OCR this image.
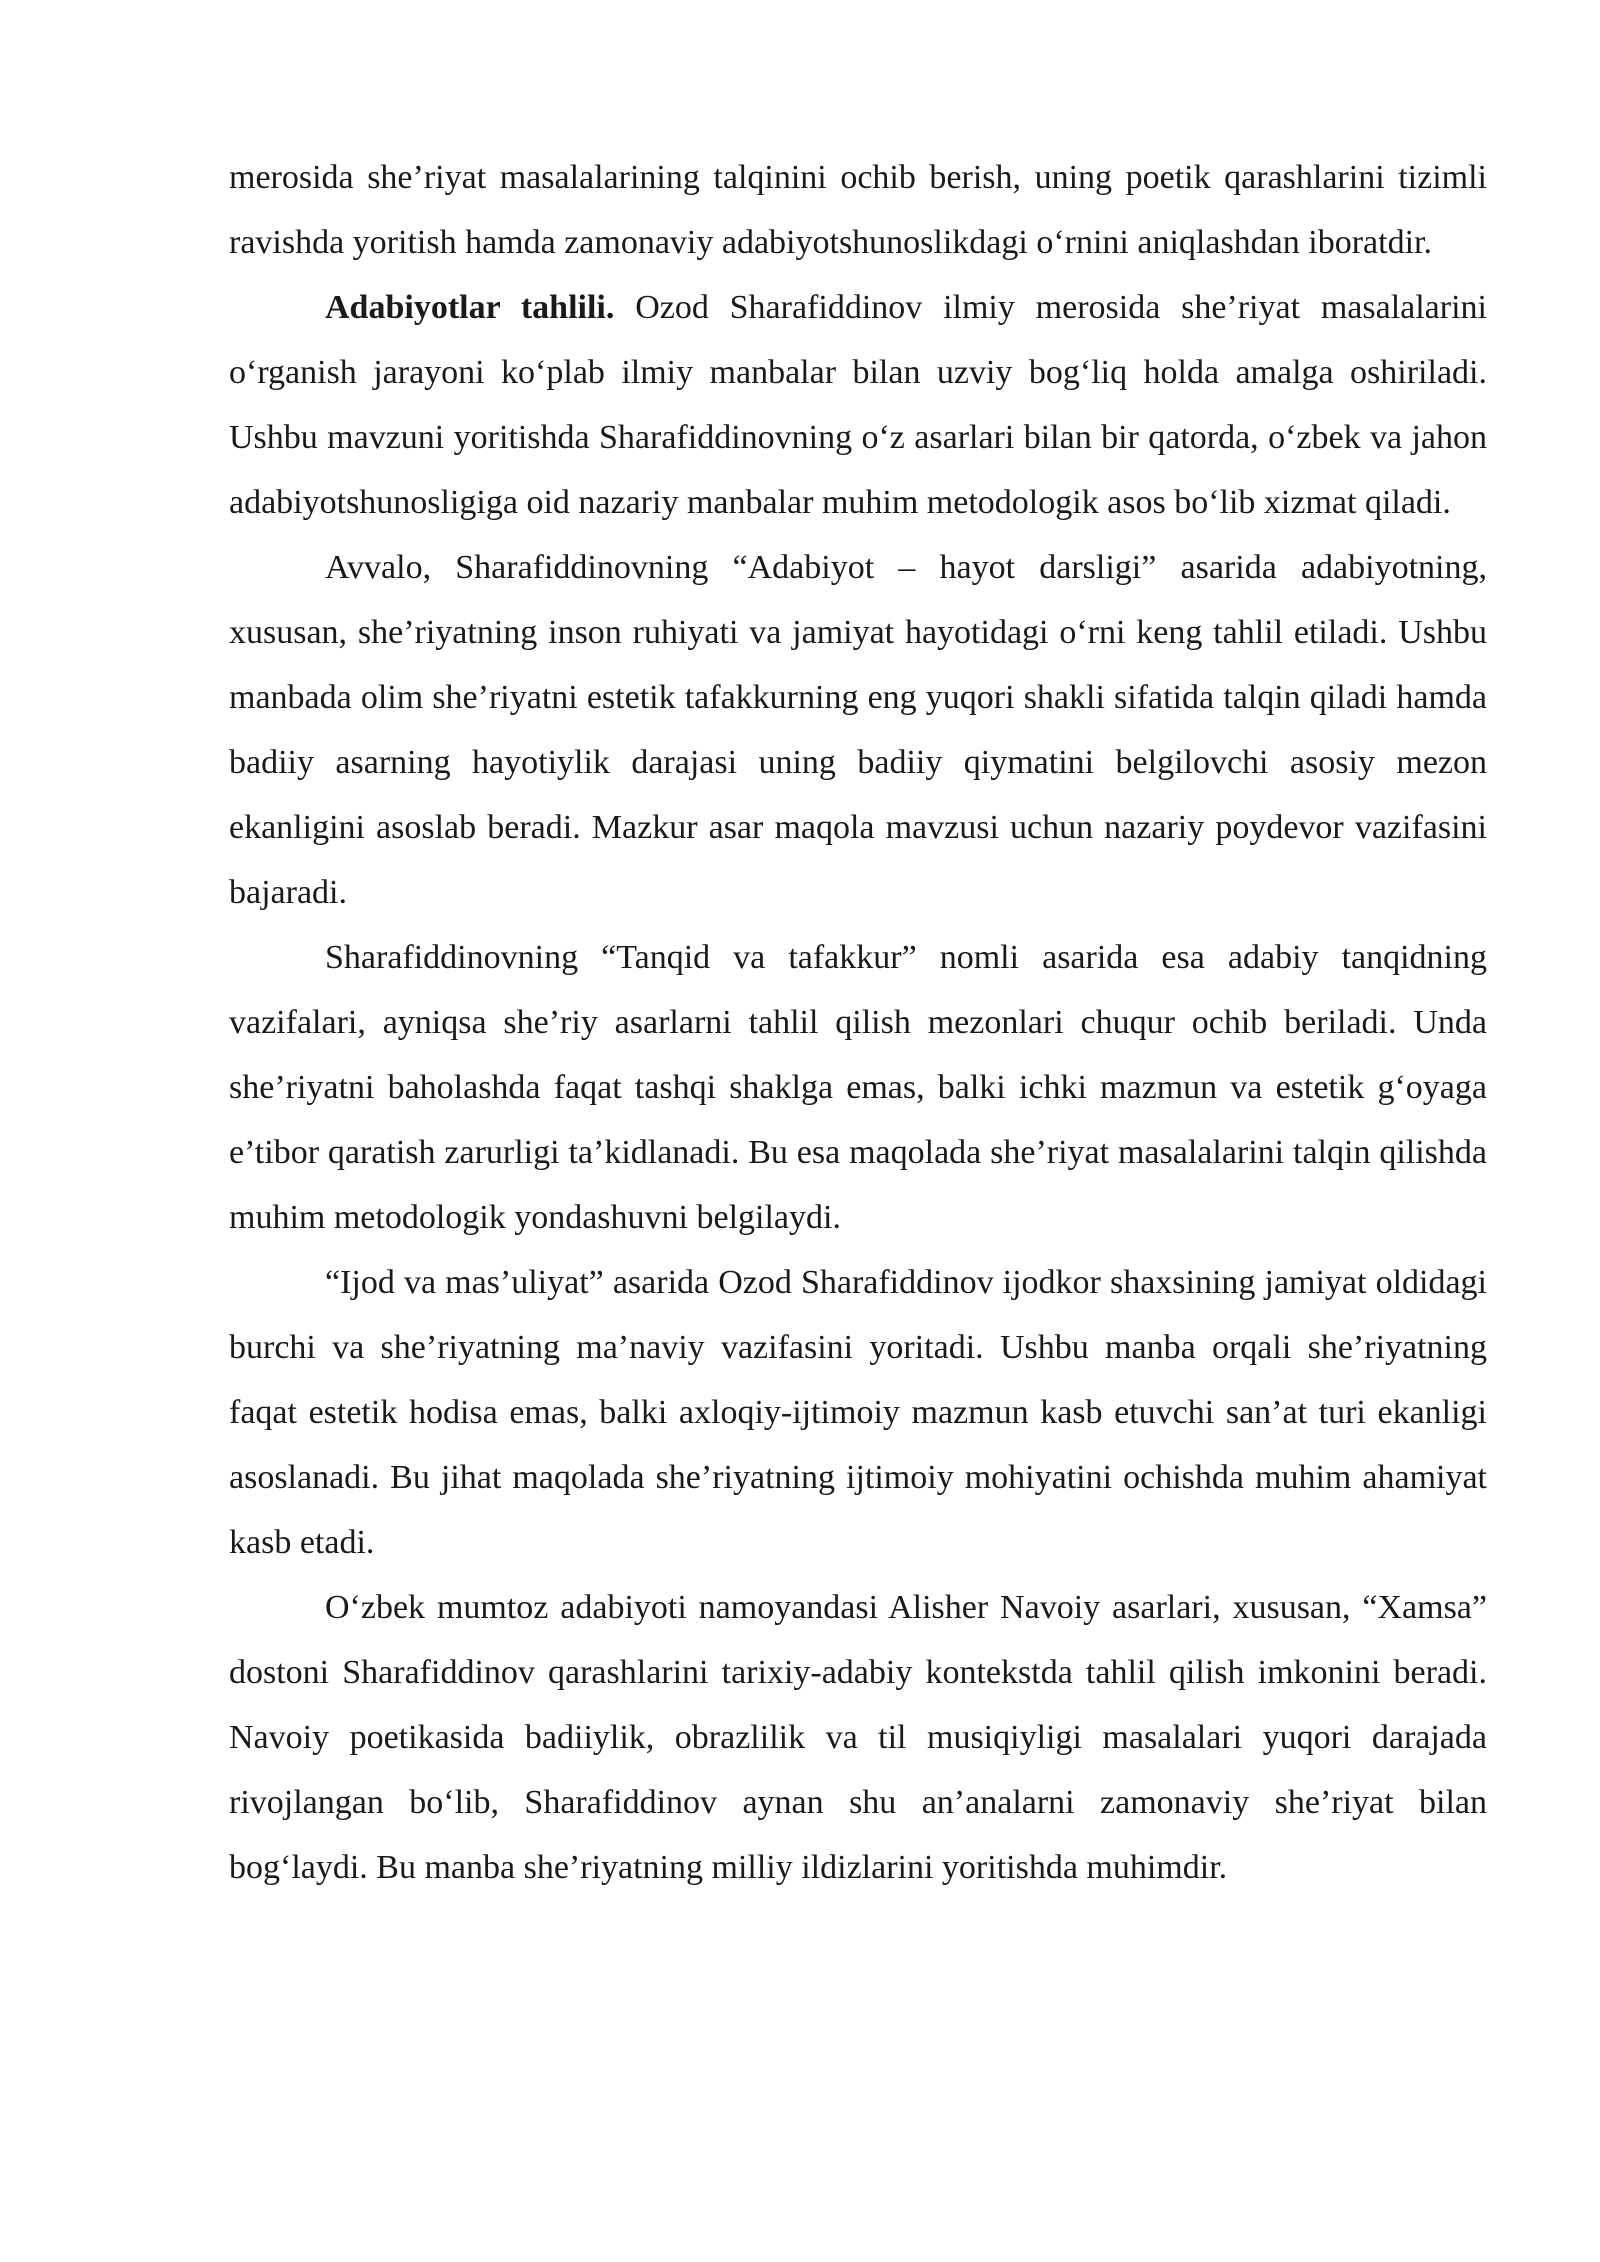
merosida she’riyat masalalarining talqinini ochib berish, uning poetik qarashlarini tizimli ravishda yoritish hamda zamonaviy adabiyotshunoslikdagi o‘rnini aniqlashdan iboratdir.

Adabiyotlar tahlili. Ozod Sharafiddinov ilmiy merosida she’riyat masalalarini o‘rganish jarayoni ko‘plab ilmiy manbalar bilan uzviy bog‘liq holda amalga oshiriladi. Ushbu mavzuni yoritishda Sharafiddinovning o‘z asarlari bilan bir qatorda, o‘zbek va jahon adabiyotshunosligiga oid nazariy manbalar muhim metodologik asos bo‘lib xizmat qiladi.

Avvalo, Sharafiddinovning “Adabiyot – hayot darsligi” asarida adabiyotning, xususan, she’riyatning inson ruhiyati va jamiyat hayotidagi o‘rni keng tahlil etiladi. Ushbu manbada olim she’riyatni estetik tafakkurning eng yuqori shakli sifatida talqin qiladi hamda badiiy asarning hayotiylik darajasi uning badiiy qiymatini belgilovchi asosiy mezon ekanligini asoslab beradi. Mazkur asar maqola mavzusi uchun nazariy poydevor vazifasini bajaradi.

Sharafiddinovning “Tanqid va tafakkur” nomli asarida esa adabiy tanqidning vazifalari, ayniqsa she’riy asarlarni tahlil qilish mezonlari chuqur ochib beriladi. Unda she’riyatni baholashda faqat tashqi shaklga emas, balki ichki mazmun va estetik g‘oyaga e’tibor qaratish zarurligi ta’kidlanadi. Bu esa maqolada she’riyat masalalarini talqin qilishda muhim metodologik yondashuvni belgilaydi.

“Ijod va mas’uliyat” asarida Ozod Sharafiddinov ijodkor shaxsining jamiyat oldidagi burchi va she’riyatning ma’naviy vazifasini yoritadi. Ushbu manba orqali she’riyatning faqat estetik hodisa emas, balki axloqiy-ijtimoiy mazmun kasb etuvchi san’at turi ekanligi asoslanadi. Bu jihat maqolada she’riyatning ijtimoiy mohiyatini ochishda muhim ahamiyat kasb etadi.

O‘zbek mumtoz adabiyoti namoyandasi Alisher Navoiy asarlari, xususan, “Xamsa” dostoni Sharafiddinov qarashlarini tarixiy-adabiy kontekstda tahlil qilish imkonini beradi. Navoiy poetikasida badiiylik, obrazlilik va til musiqiyligi masalalari yuqori darajada rivojlangan bo‘lib, Sharafiddinov aynan shu an’analarni zamonaviy she’riyat bilan bog‘laydi. Bu manba she’riyatning milliy ildizlarini yoritishda muhimdir.
